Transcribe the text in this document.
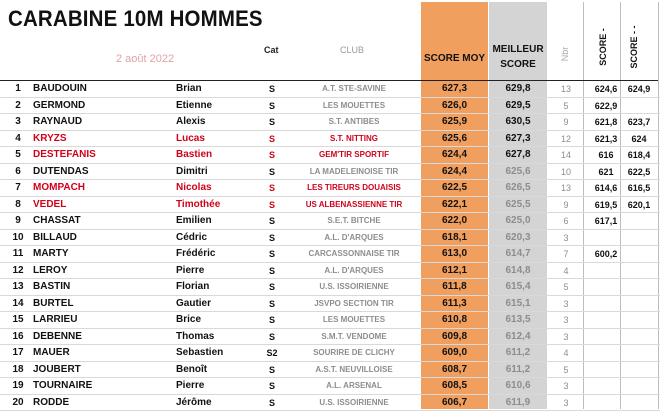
CARABINE 10M HOMMES
2 août 2022
Cat	CLUB
SCORE MOY
MEILLEUR
SCORE
Nbr	SCORE - SCORE - -
1	BAUDOUIN	Brian	S	A.T. STE-SAVINE	627,3	629,8	13	624,6	624,9
2	GERMOND	Etienne	S	LES MOUETTES	626,0	629,5	5	622,9
3	RAYNAUD	Alexis	S	S.T. ANTIBES	625,9	630,5	9	621,8	623,7
4	KRYZS	Lucas	S	S.T. NITTING	625,6	627,3	12	621,3	624
5	DESTEFANIS	Bastien	S	GEM'TIR SPORTIF	624,4	627,8	14	616	618,4
6	DUTENDAS	Dimitri	S	LA MADELEINOISE TIR	624,4	625,6	10	621	622,5
7	MOMPACH	Nicolas	S	LES TIREURS DOUAISIS	622,5	626,5	13	614,6	616,5
8	VEDEL	Timothée	S	US ALBENASSIENNE TIR	622,1	625,5	9	619,5	620,1
9	CHASSAT	Emilien	S	S.E.T. BITCHE	622,0	625,0	6	617,1
10 BILLAUD	Cédric	S	A.L. D'ARQUES	618,1	620,3	3
11 MARTY	Frédéric	S	CARCASSONNAISE TIR	613,0	614,7	7	600,2
12 LEROY	Pierre	S	A.L. D'ARQUES	612,1	614,8	4
13 BASTIN	Florian	S	U.S. ISSOIRIENNE	611,8	615,4	5
14 BURTEL	Gautier	S	JSVPO SECTION TIR	611,3	615,1	3
15 LARRIEU	Brice	S	LES MOUETTES	610,8	613,5	3
16 DEBENNE	Thomas	S	S.M.T. VENDOME	609,8	612,4	3
17 MAUER	Sebastien	S2	SOURIRE DE CLICHY	609,0	611,2	4
18 JOUBERT	Benoît	S	A.S.T. NEUVILLOISE	608,7	611,2	5
19 TOURNAIRE	Pierre	S	A.L. ARSENAL	608,5	610,6	3
20 RODDE	Jérôme	S	U.S. ISSOIRIENNE	606,7	611,9	3
